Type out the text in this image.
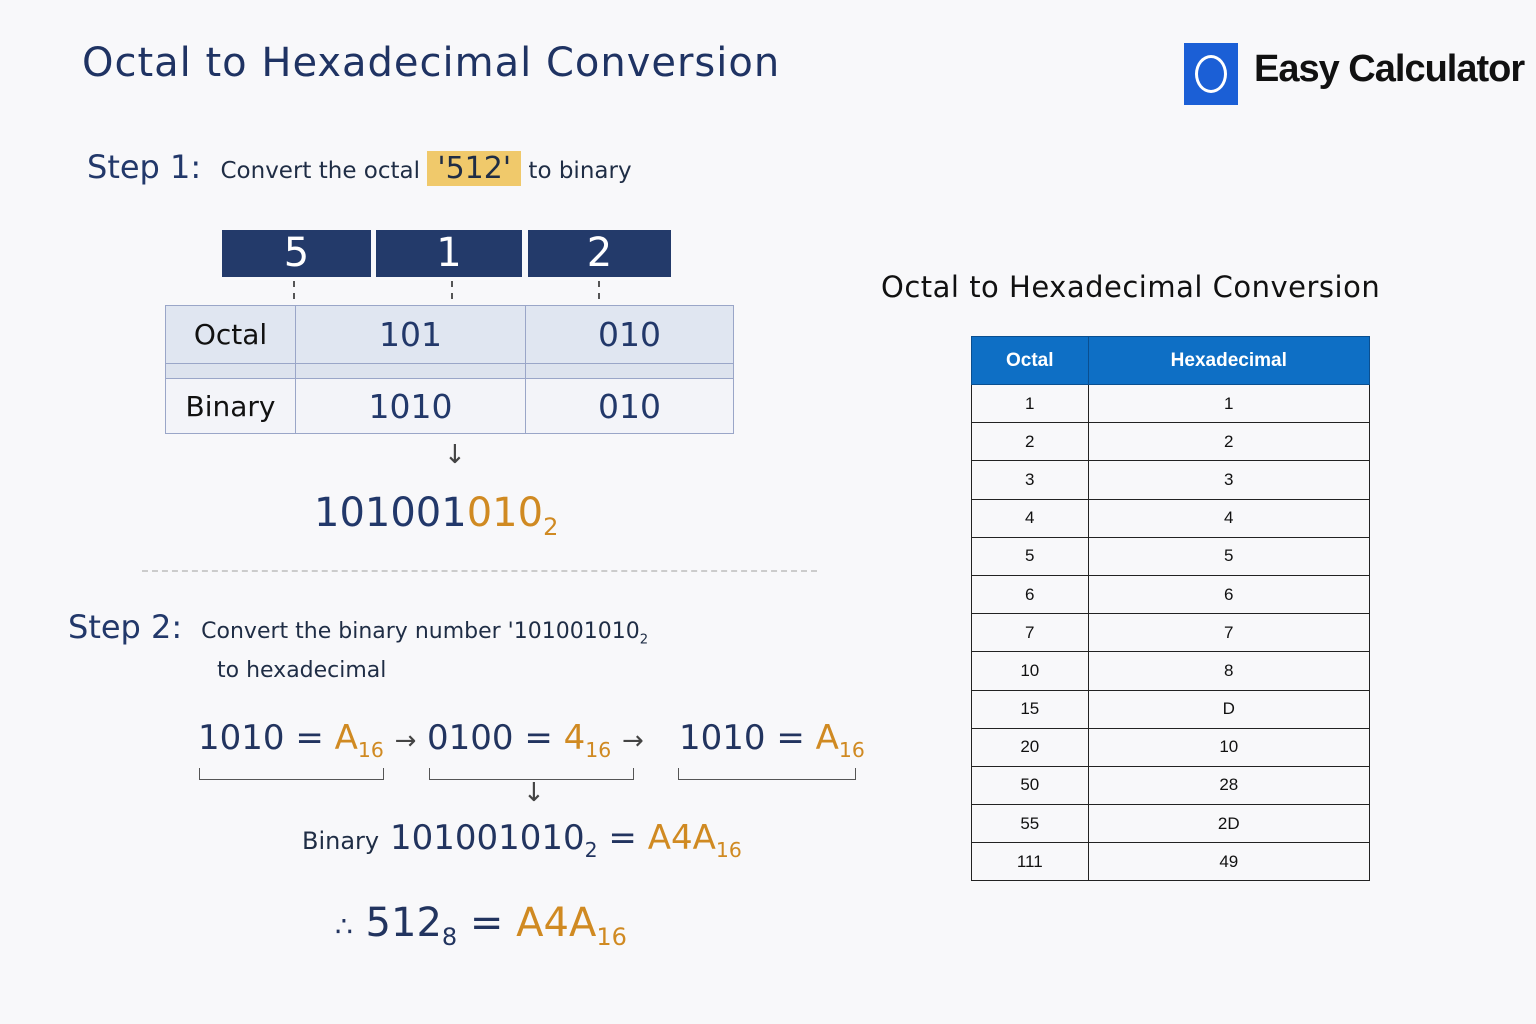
Octal to Hexadecimal Conversion	Easy Calculator
Step 1: Convert the octal '512' to binary
5	1	2
Octal	101	010

Binary	1010	010
↓
$101001010_2$
Step 2: Convert the binary number '$101001010_2$
to hexadecimal
$1010 = A_{16} \to 0100 = 4_{16} \to 1010 = A_{16}$
↓
Binary $101001010_2 = A4A_{16}$
∴ $512_8 = A4A_{16}$
Octal to Hexadecimal Conversion
Octal	Hexadecimal
1	1
2	2
3	3
4	4
5	5
6	6
7	7
10	8
15	D
20	10
50	28
55	2D
111	49
